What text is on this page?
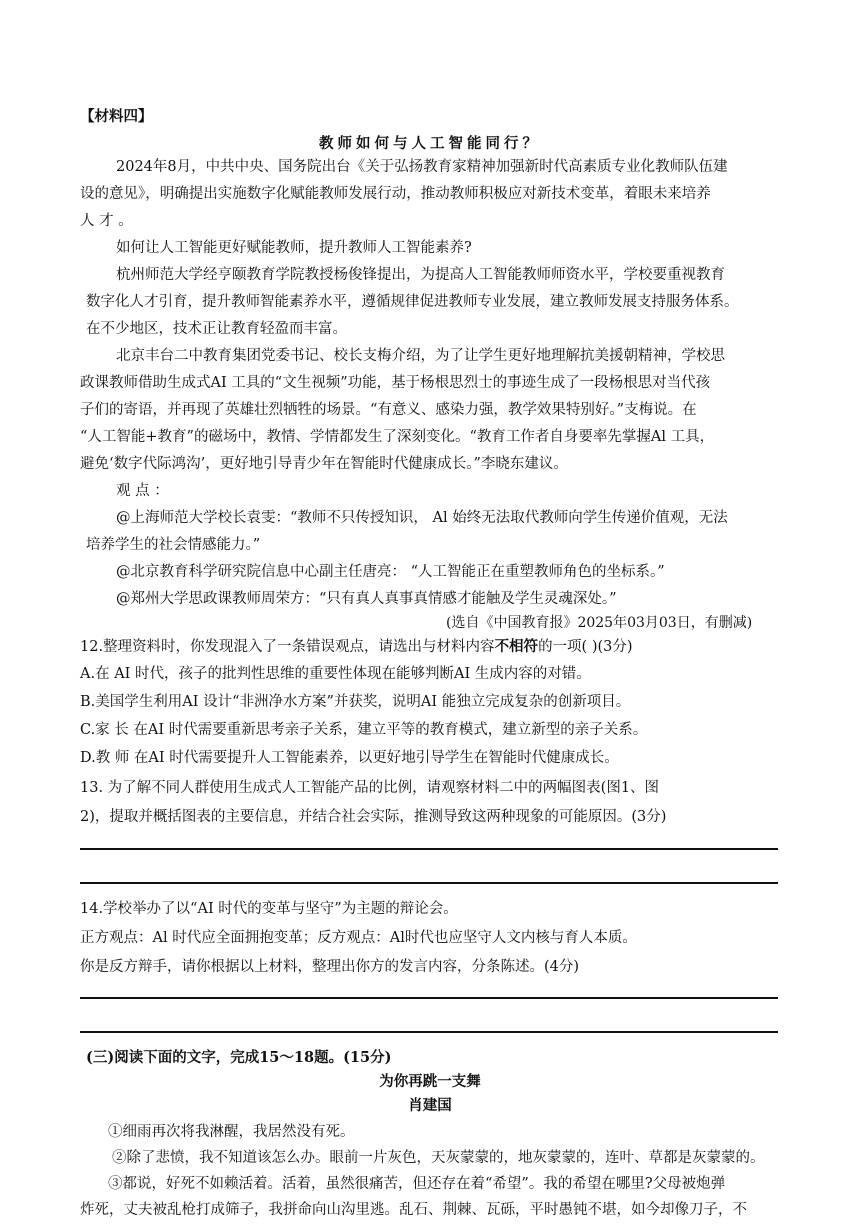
【材料四】
教师如何与人工智能同行？
2024年8月，中共中央、国务院出台《关于弘扬教育家精神加强新时代高素质专业化教师队伍建
设的意见》，明确提出实施数字化赋能教师发展行动，推动教师积极应对新技术变革，着眼未来培养
人 才 。
如何让人工智能更好赋能教师，提升教师人工智能素养?
杭州师范大学经亨颐教育学院教授杨俊锋提出，为提高人工智能教师师资水平，学校要重视教育
数字化人才引育，提升教师智能素养水平，遵循规律促进教师专业发展，建立教师发展支持服务体系。
在不少地区，技术正让教育轻盈而丰富。
北京丰台二中教育集团党委书记、校长支梅介绍，为了让学生更好地理解抗美援朝精神，学校思
政课教师借助生成式AI 工具的“文生视频”功能，基于杨根思烈士的事迹生成了一段杨根思对当代孩
子们的寄语，并再现了英雄壮烈牺牲的场景。“有意义、感染力强，教学效果特别好。”支梅说。在
“人工智能+教育”的磁场中，教情、学情都发生了深刻变化。“教育工作者自身要率先掌握Al 工具，
避免‘数字代际鸿沟’，更好地引导青少年在智能时代健康成长。”李晓东建议。
观 点 ：
@上海师范大学校长袁雯：“教师不只传授知识， Al 始终无法取代教师向学生传递价值观，无法
培养学生的社会情感能力。”
@北京教育科学研究院信息中心副主任唐亮： “人工智能正在重塑教师角色的坐标系。”
@郑州大学思政课教师周荣方：“只有真人真事真情感才能触及学生灵魂深处。”
(选自《中国教育报》2025年03月03日，有删减)
12.整理资料时，你发现混入了一条错误观点，请选出与材料内容不相符的一项( )(3分)
A.在 AI 时代，孩子的批判性思维的重要性体现在能够判断AI 生成内容的对错。
B.美国学生利用AI 设计“非洲净水方案”并获奖，说明AI 能独立完成复杂的创新项目。
C.家 长 在AI 时代需要重新思考亲子关系，建立平等的教育模式，建立新型的亲子关系。
D.教 师 在AI 时代需要提升人工智能素养，以更好地引导学生在智能时代健康成长。
13. 为了解不同人群使用生成式人工智能产品的比例，请观察材料二中的两幅图表(图1、图
2)，提取并概括图表的主要信息，并结合社会实际，推测导致这两种现象的可能原因。(3分)
14.学校举办了以“AI 时代的变革与坚守”为主题的辩论会。
正方观点：Al 时代应全面拥抱变革；反方观点：Al时代也应坚守人文内核与育人本质。
你是反方辩手，请你根据以上材料，整理出你方的发言内容，分条陈述。(4分)
(三)阅读下面的文字，完成15～18题。(15分)
为你再跳一支舞
肖建国
①细雨再次将我淋醒，我居然没有死。
②除了悲愤，我不知道该怎么办。眼前一片灰色，天灰蒙蒙的，地灰蒙蒙的，连叶、草都是灰蒙蒙的。
③都说，好死不如赖活着。活着，虽然很痛苦，但还存在着“希望”。我的希望在哪里?父母被炮弹
炸死，丈夫被乱枪打成筛子，我拼命向山沟里逃。乱石、荆棘、瓦砾，平时愚钝不堪，如今却像刀子，不
